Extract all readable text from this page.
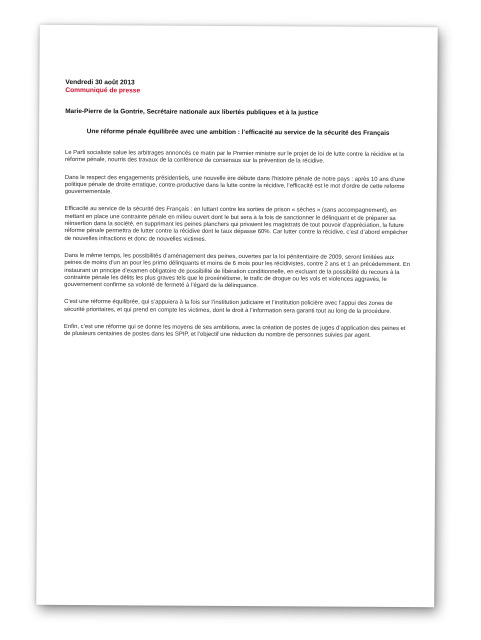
Vendredi 30 août 2013
Communiqué de presse
Marie-Pierre de la Gontrie, Secrétaire nationale aux libertés publiques et à la justice
Une réforme pénale équilibrée avec une ambition : l’efficacité au service de la sécurité des Français

Le Parti socialiste salue les arbitrages annoncés ce matin par le Premier ministre sur le projet de loi de lutte contre la récidive et la réforme pénale, nourris des travaux de la conférence de consensus sur la prévention de la récidive.

Dans le respect des engagements présidentiels, une nouvelle ère débute dans l’histoire pénale de notre pays : après 10 ans d’une politique pénale de droite erratique, contre-productive dans la lutte contre la récidive, l’efficacité est le mot d’ordre de cette reforme gouvernementale.

Efficacité au service de la sécurité des Français : en luttant contre les sorties de prison « sèches » (sans accompagnement), en mettant en place une contrainte pénale en milieu ouvert dont le but sera à la fois de sanctionner le délinquant et de préparer sa réinsertion dans la société, en supprimant les peines planchers qui privaient les magistrats de tout pouvoir d’appréciation, la future réforme pénale permettra de lutter contre la récidive dont le taux dépasse 60%. Car lutter contre la récidive, c’est d’abord empêcher de nouvelles infractions et donc de nouvelles victimes.

Dans le même temps, les possibilités d’aménagement des peines, ouvertes par la loi pénitentiaire de 2009, seront limitées aux peines de moins d’un an pour les primo délinquants et moins de 6 mois pour les récidivistes, contre 2 ans et 1 an précédemment. En instaurant un principe d’examen obligatoire de possibilité de libération conditionnelle, en excluant de la possibilité du recours à la contrainte pénale les délits les plus graves tels que le proxénétisme, le trafic de drogue ou les vols et violences aggravés, le gouvernement confirme sa volonté de fermeté à l’égard de la délinquance.

C’est une réforme équilibrée, qui s’appuiera à la fois sur l’institution judiciaire et l’institution policière avec l’appui des zones de sécurité prioritaires, et qui prend en compte les victimes, dont le droit à l’information sera garanti tout au long de la procédure.

Enfin, c’est une réforme qui se donne les moyens de ses ambitions, avec la création de postes de juges d’application des peines et de plusieurs centaines de postes dans les SPIP, et l’objectif une réduction du nombre de personnes suivies par agent.
